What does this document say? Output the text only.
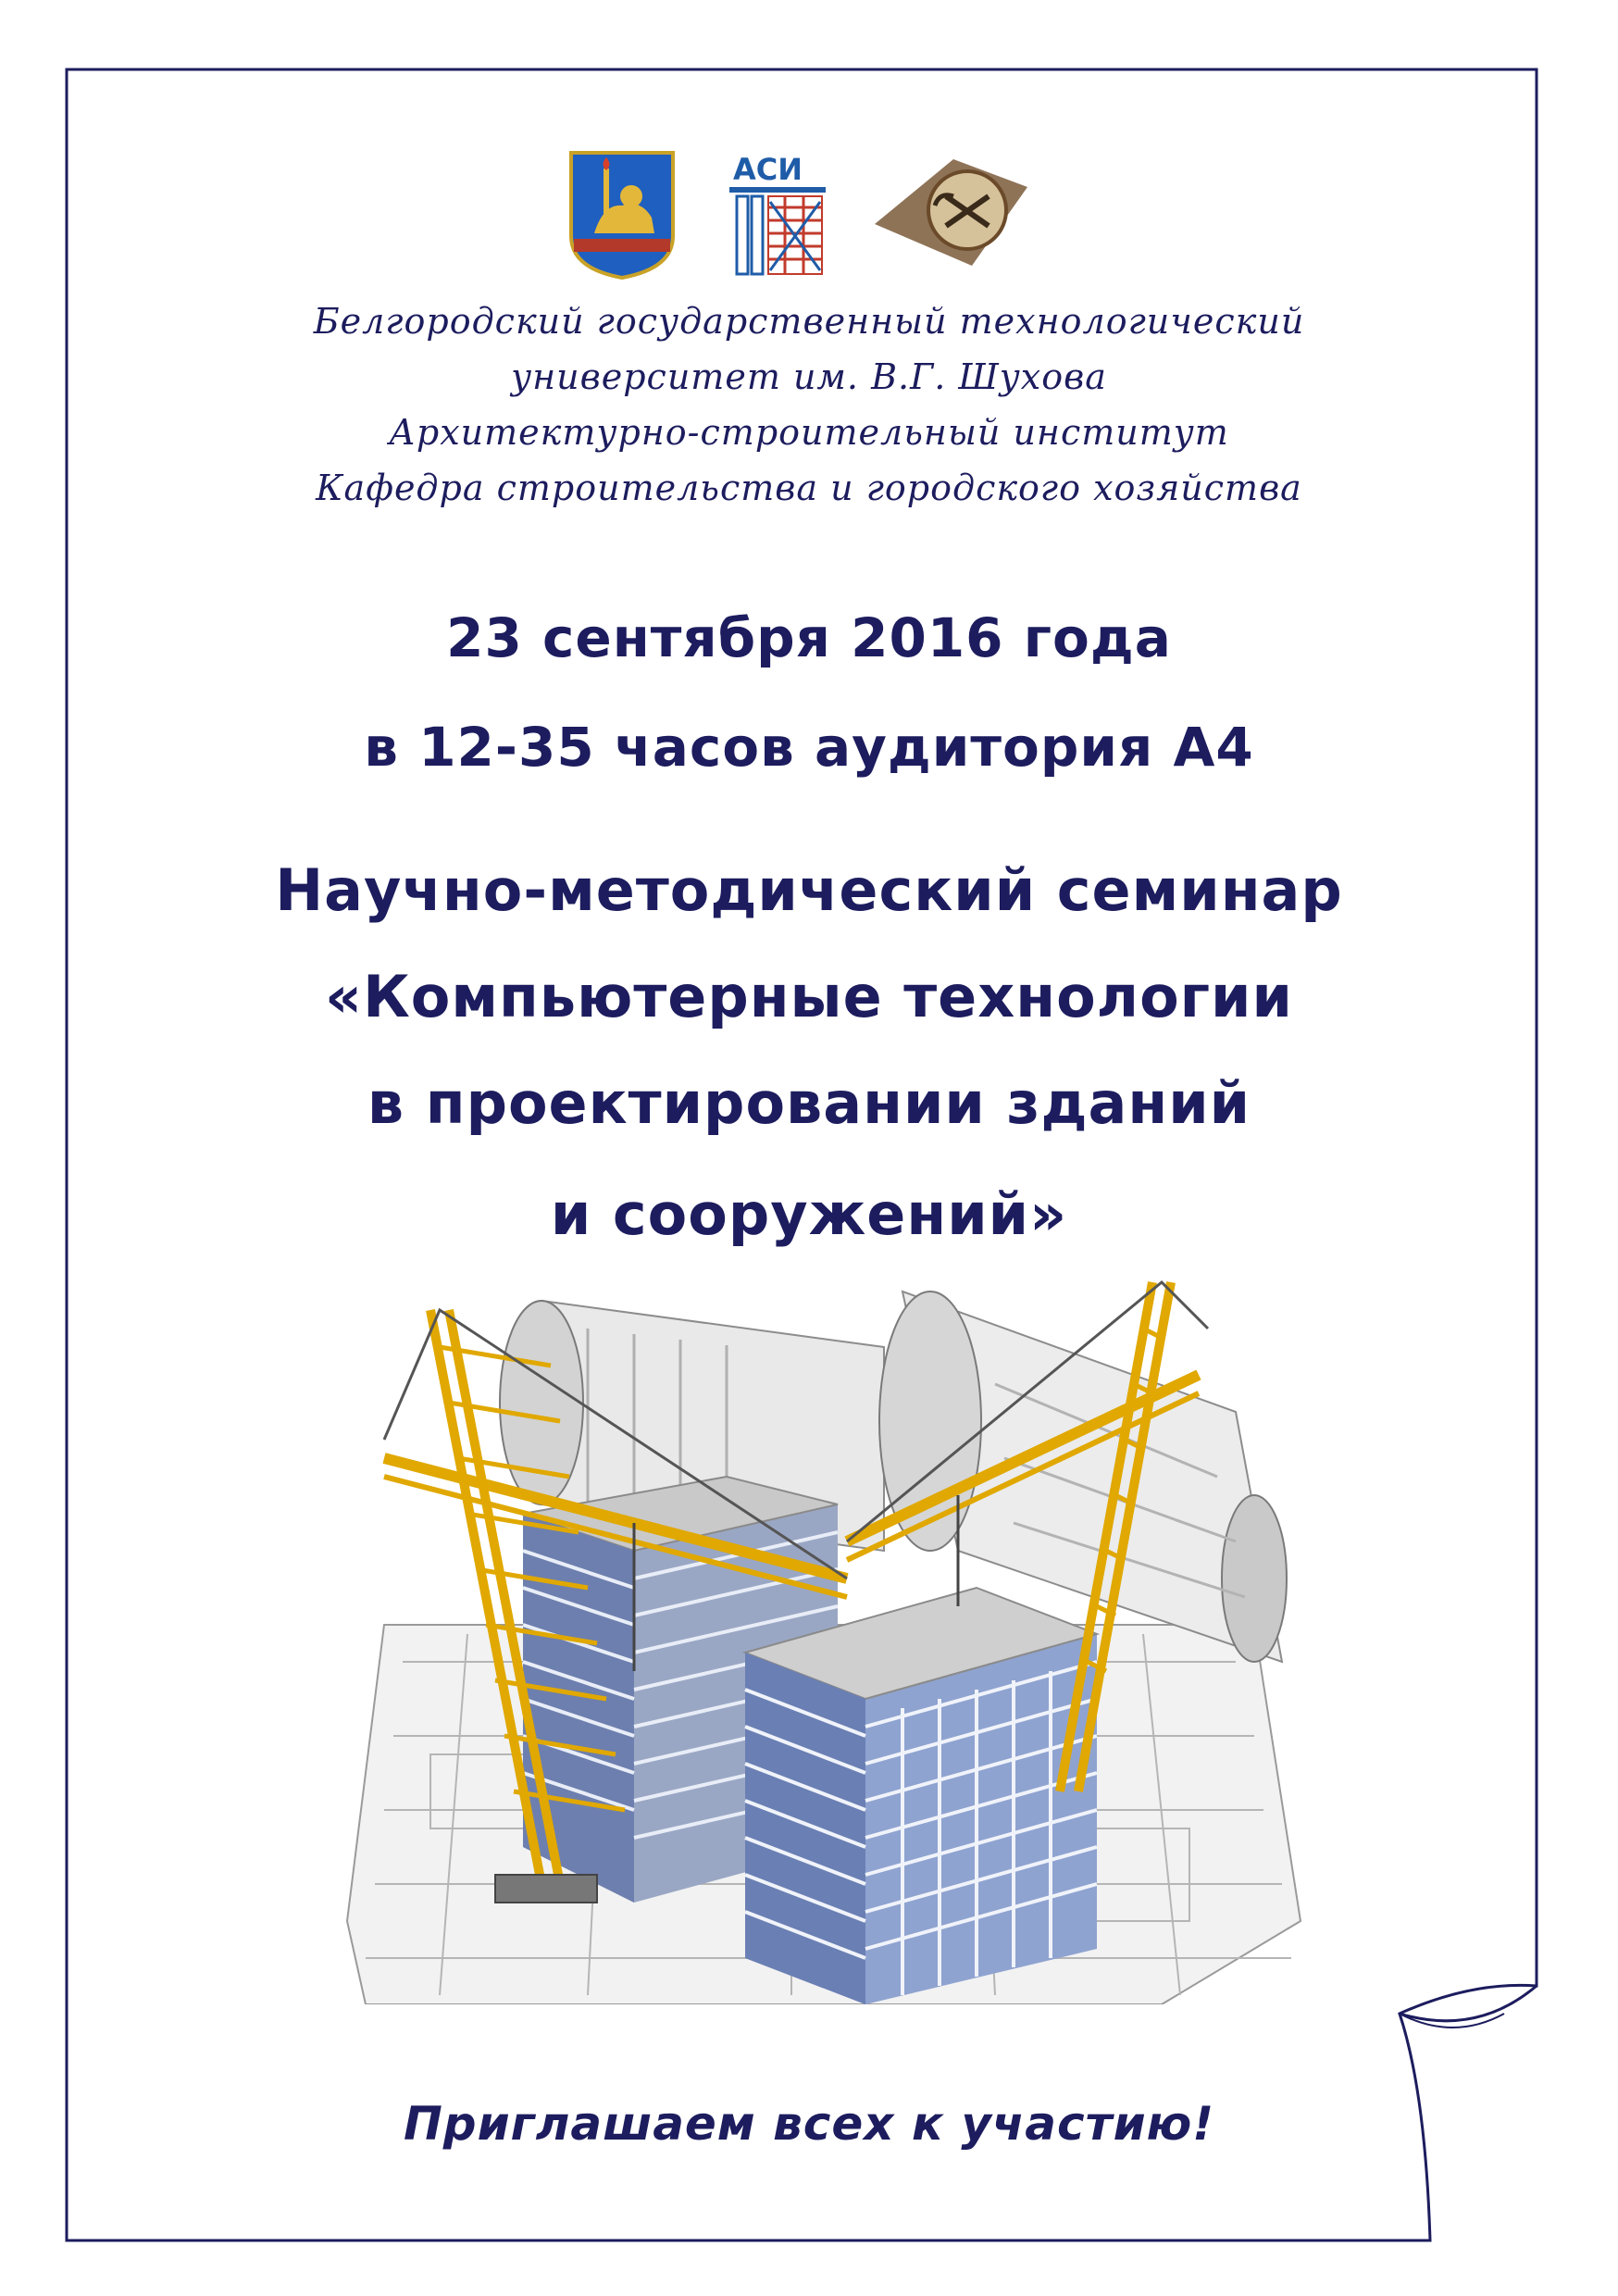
АСИ
Белгородский государственный технологический
университет им. В.Г. Шухова
Архитектурно-строительный институт
Кафедра строительства и городского хозяйства
23 сентября 2016 года
в 12-35 часов аудитория А4
Научно-методический семинар
«Компьютерные технологии
в проектировании зданий
и сооружений»
Приглашаем всех к участию!
